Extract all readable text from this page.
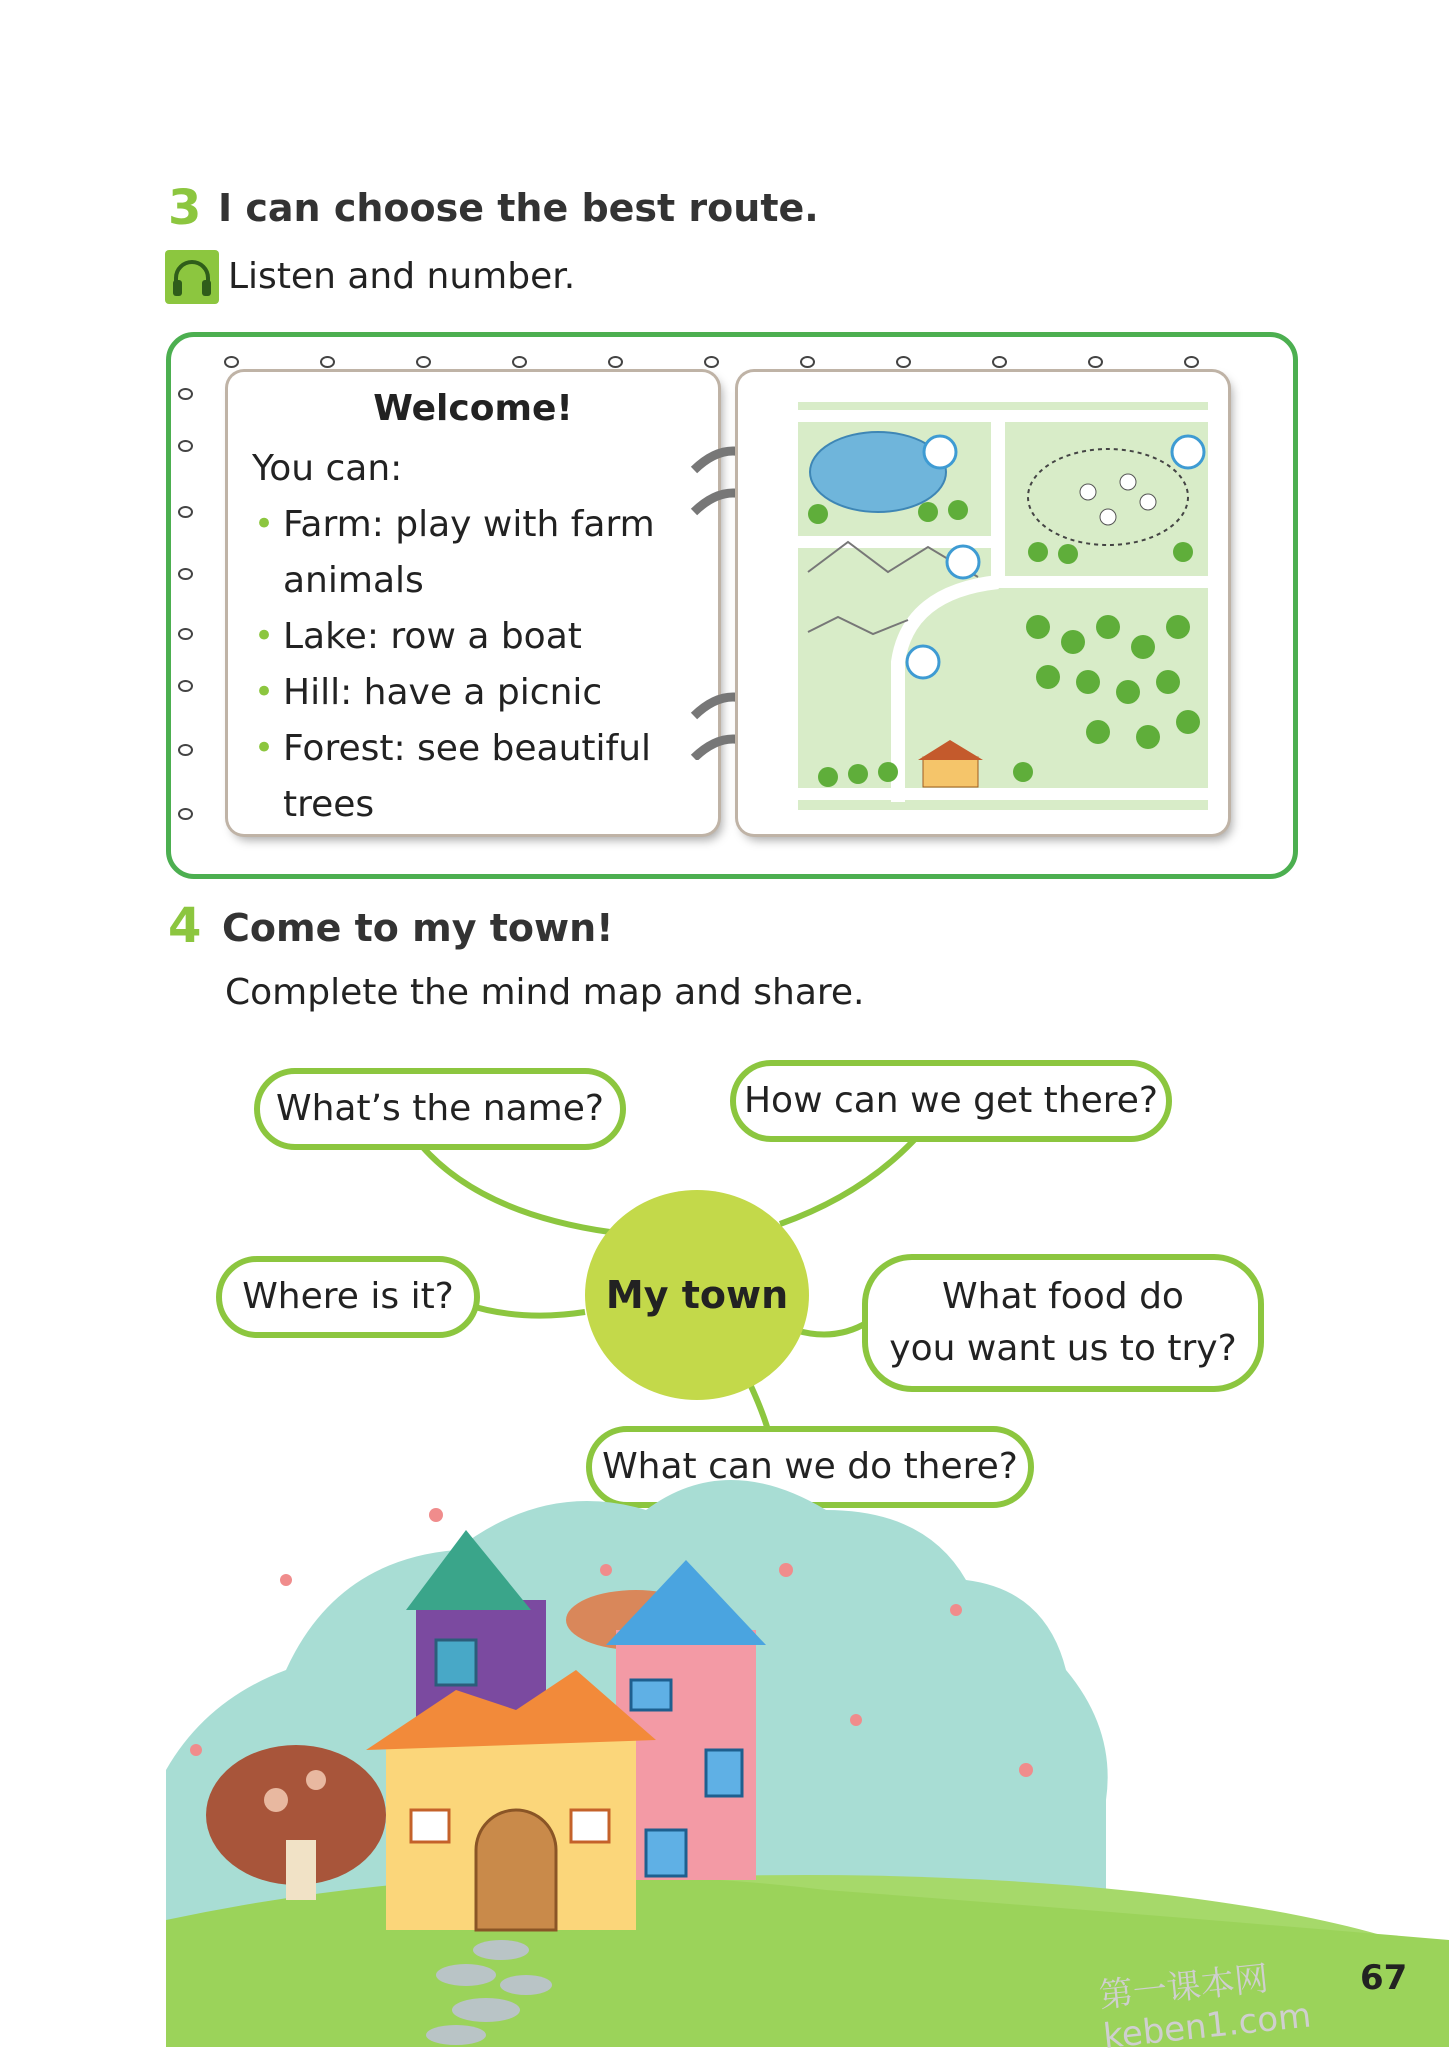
3 I can choose the best route.
Listen and number.
Welcome!
You can:
• Farm: play with farm
animals
• Lake: row a boat
• Hill: have a picnic
• Forest: see beautiful
trees
4 Come to my town!
Complete the mind map and share.
My town
What’s the name?	How can we get there?
Where is it?	What food do
you want us to try?
What can we do there?
第一课本网 keben1.com
67
